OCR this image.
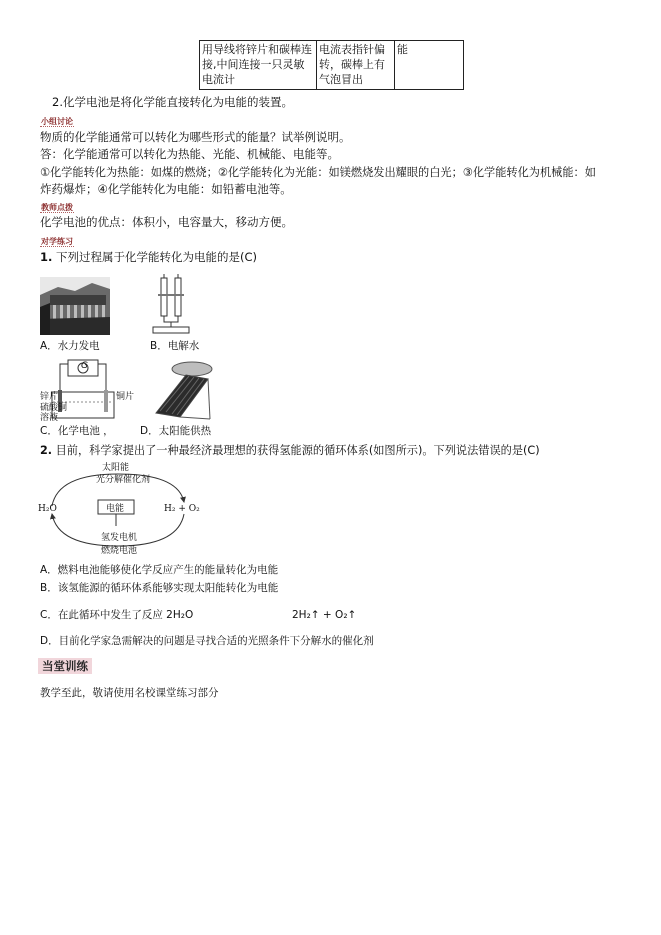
用导线将锌片和碳棒连接,中间连接一只灵敏电流计	电流表指针偏转，碳棒上有气泡冒出	能
2.化学电池是将化学能直接转化为电能的装置。
小组讨论
物质的化学能通常可以转化为哪些形式的能量？试举例说明。
答：化学能通常可以转化为热能、光能、机械能、电能等。
①化学能转化为热能：如煤的燃烧；②化学能转化为光能：如镁燃烧发出耀眼的白光；③化学能转化为机械能：如
炸药爆炸；④化学能转化为电能：如铅蓄电池等。
教师点拨
化学电池的优点：体积小，电容量大，移动方便。
对学练习
1. 下列过程属于化学能转化为电能的是(C)
A．水力发电	B．电解水
G
锌片	铜片
硫酸铜
溶液
C．化学电池 ，	D．太阳能供热
2. 目前，科学家提出了一种最经济最理想的获得氢能源的循环体系(如图所示)。下列说法错误的是(C)
太阳能
光分解催化剂
H₂O	H₂ + O₂
电能
氢发电机
燃烧电池
A．燃料电池能够使化学反应产生的能量转化为电能
B．该氢能源的循环体系能够实现太阳能转化为电能
C．在此循环中发生了反应 2H₂O	2H₂↑ + O₂↑
D．目前化学家急需解决的问题是寻找合适的光照条件下分解水的催化剂
当堂训练
教学至此，敬请使用名校课堂练习部分
